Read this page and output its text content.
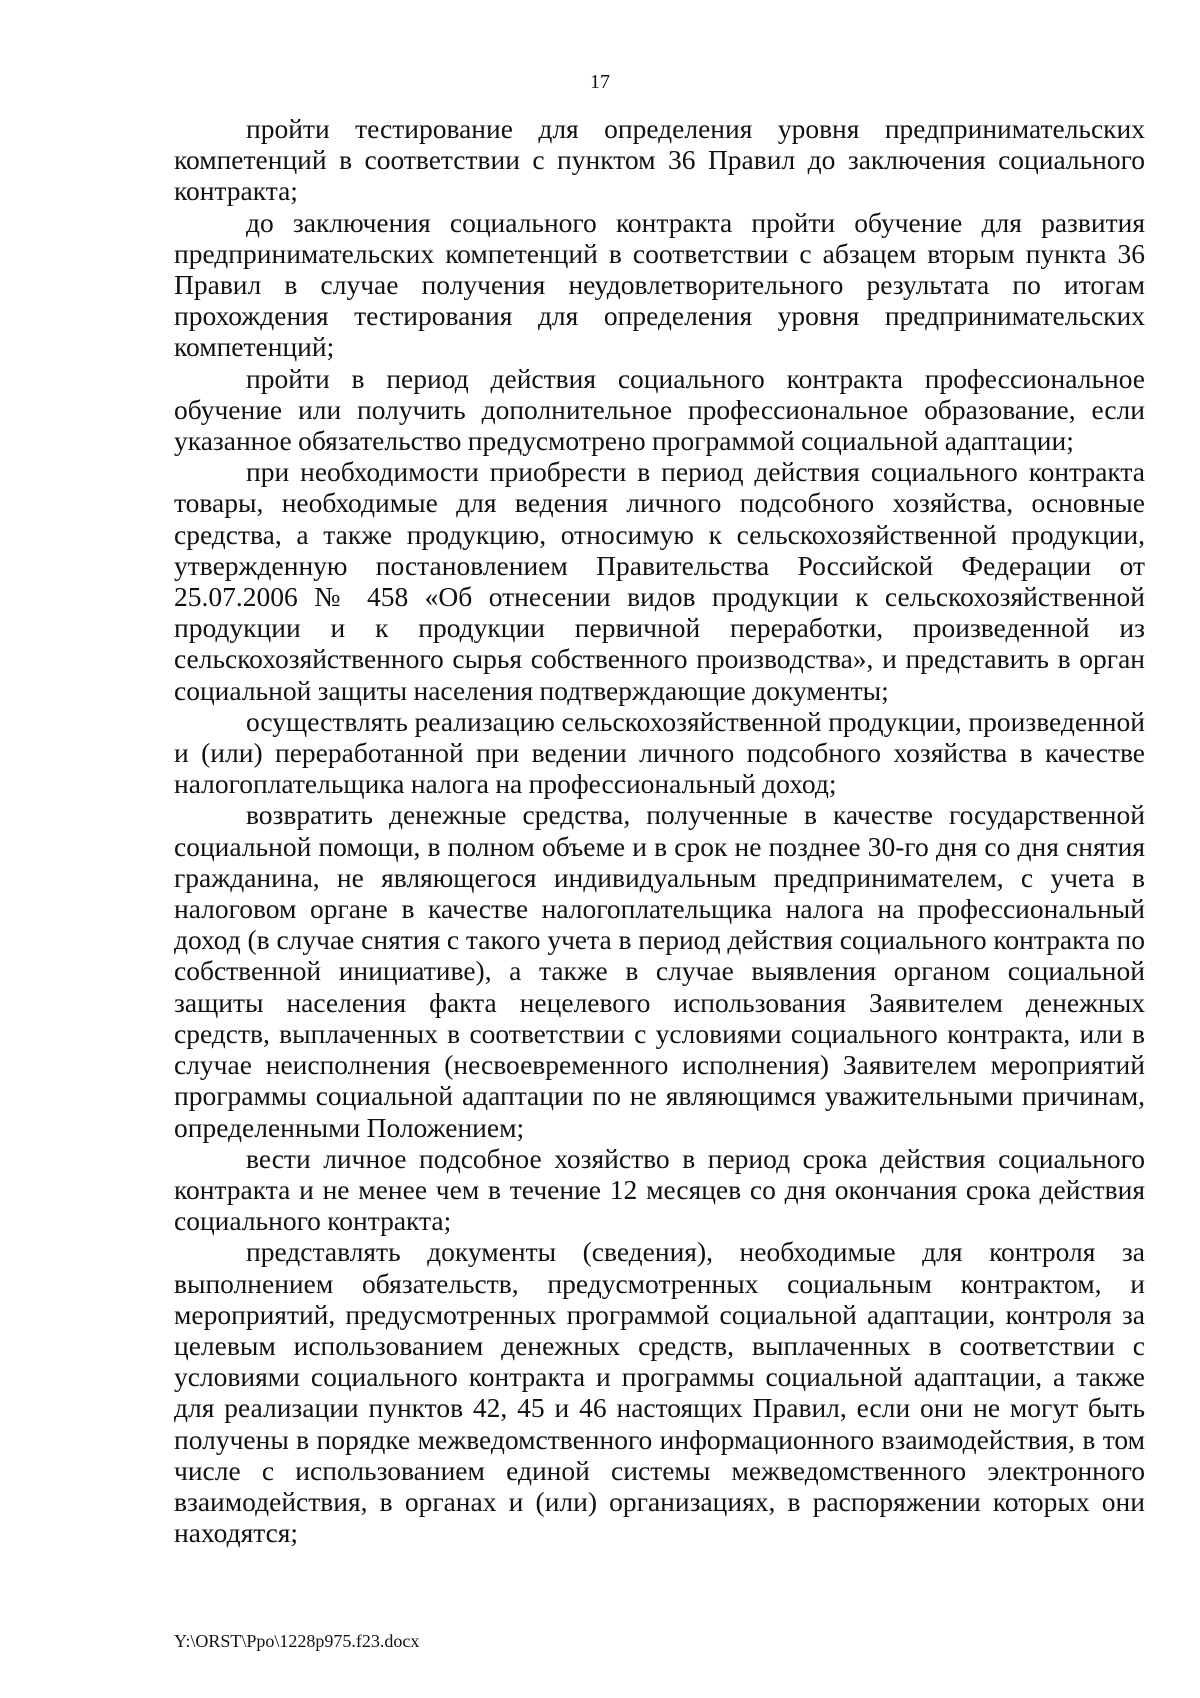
17

пройти тестирование для определения уровня предпринимательских компетенций в соответствии с пунктом 36 Правил до заключения социального контракта;

до заключения социального контракта пройти обучение для развития предпринимательских компетенций в соответствии с абзацем вторым пункта 36 Правил в случае получения неудовлетворительного результата по итогам прохождения тестирования для определения уровня предпринимательских компетенций;

пройти в период действия социального контракта профессиональное обучение или получить дополнительное профессиональное образование, если указанное обязательство предусмотрено программой социальной адаптации;

при необходимости приобрести в период действия социального контракта товары, необходимые для ведения личного подсобного хозяйства, основные средства, а также продукцию, относимую к сельскохозяйственной продукции, утвержденную постановлением Правительства Российской Федерации от 25.07.2006 № 458 «Об отнесении видов продукции к сельскохозяйственной продукции и к продукции первичной переработки, произведенной из сельскохозяйственного сырья собственного производства», и представить в орган социальной защиты населения подтверждающие документы;

осуществлять реализацию сельскохозяйственной продукции, произведенной и (или) переработанной при ведении личного подсобного хозяйства в качестве налогоплательщика налога на профессиональный доход;

возвратить денежные средства, полученные в качестве государственной социальной помощи, в полном объеме и в срок не позднее 30-го дня со дня снятия гражданина, не являющегося индивидуальным предпринимателем, с учета в налоговом органе в качестве налогоплательщика налога на профессиональный доход (в случае снятия с такого учета в период действия социального контракта по собственной инициативе), а также в случае выявления органом социальной защиты населения факта нецелевого использования Заявителем денежных средств, выплаченных в соответствии с условиями социального контракта, или в случае неисполнения (несвоевременного исполнения) Заявителем мероприятий программы социальной адаптации по не являющимся уважительными причинам, определенными Положением;

вести личное подсобное хозяйство в период срока действия социального контракта и не менее чем в течение 12 месяцев со дня окончания срока действия социального контракта;

представлять документы (сведения), необходимые для контроля за выполнением обязательств, предусмотренных социальным контрактом, и мероприятий, предусмотренных программой социальной адаптации, контроля за целевым использованием денежных средств, выплаченных в соответствии с условиями социального контракта и программы социальной адаптации, а также для реализации пунктов 42, 45 и 46 настоящих Правил, если они не могут быть получены в порядке межведомственного информационного взаимодействия, в том числе с использованием единой системы межведомственного электронного взаимодействия, в органах и (или) организациях, в распоряжении которых они находятся;

Y:\ORST\Ppo\1228p975.f23.docx
